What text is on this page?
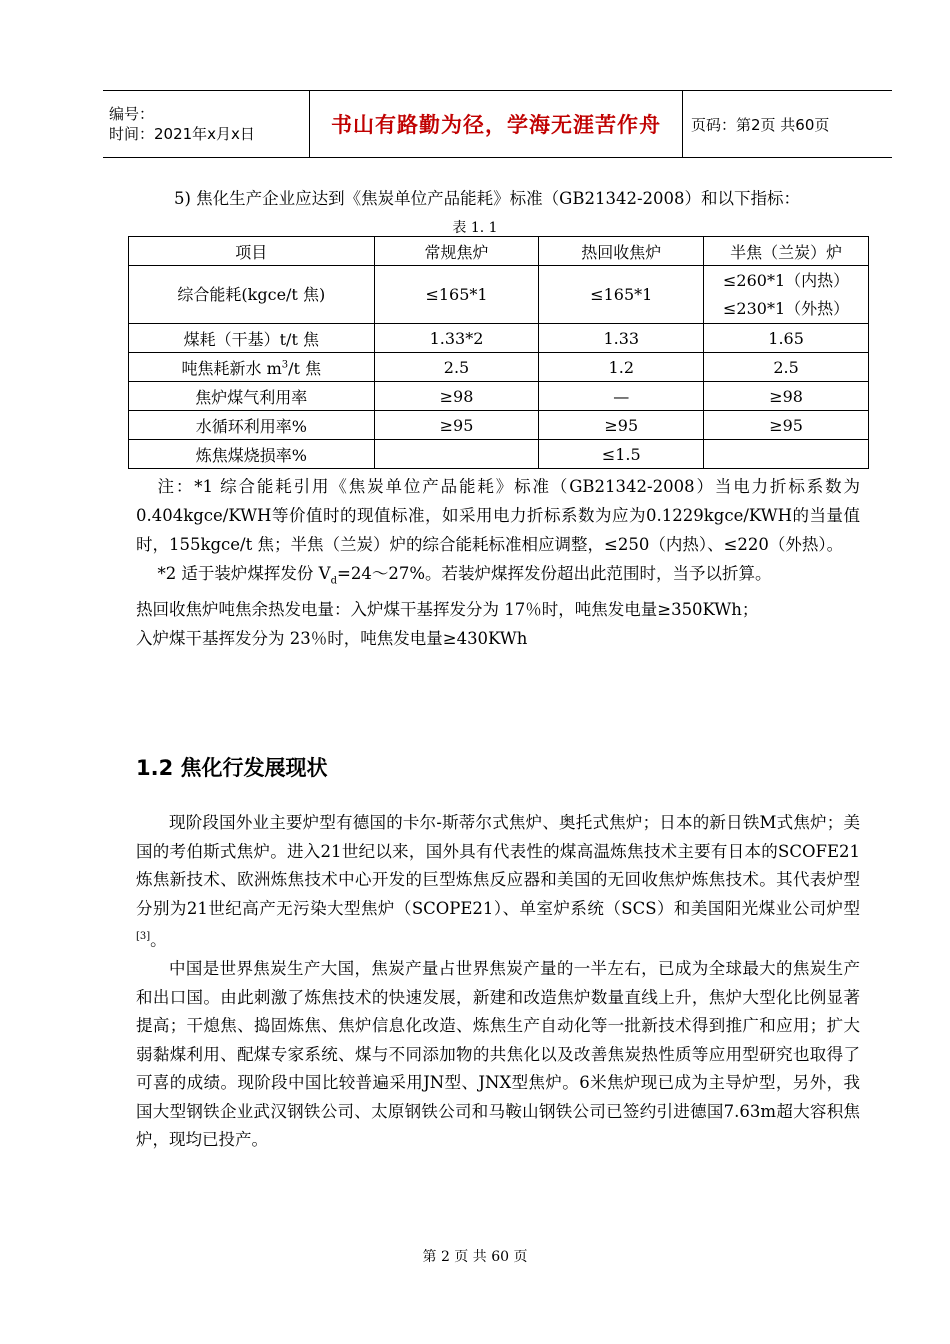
编号：
时间：2021年x月x日	书山有路勤为径，学海无涯苦作舟	页码：第2页 共60页
5) 焦化生产企业应达到《焦炭单位产品能耗》标准（GB21342-2008）和以下指标：
表 1. 1
项目	常规焦炉	热回收焦炉	半焦（兰炭）炉
综合能耗(kgce/t 焦)	≤165*1	≤165*1	≤260*1（内热）
≤230*1（外热）

煤耗（干基）t/t 焦	1.33*2	1.33	1.65
吨焦耗新水 $m^3/t$ 焦	2.5	1.2	2.5
焦炉煤气利用率	≥98	—	≥98
水循环利用率%	≥95	≥95	≥95
炼焦煤烧损率%		≤1.5	

注：*1 综合能耗引用《焦炭单位产品能耗》标准（GB21342-2008）当电力折标系数为0.404kgce/KWH等价值时的现值标准，如采用电力折标系数为应为0.1229kgce/KWH的当量值时，155kgce/t 焦；半焦（兰炭）炉的综合能耗标准相应调整，≤250（内热）、≤220（外热）。

*2 适于装炉煤挥发份 $V_d=24\sim 27\%$。若装炉煤挥发份超出此范围时，当予以折算。

热回收焦炉吨焦余热发电量：入炉煤干基挥发分为 17％时，吨焦发电量≥350KWh；

入炉煤干基挥发分为 23％时，吨焦发电量≥430KWh

1.2 焦化行发展现状

现阶段国外业主要炉型有德国的卡尔-斯蒂尔式焦炉、奥托式焦炉；日本的新日铁M式焦炉；美国的考伯斯式焦炉。进入21世纪以来，国外具有代表性的煤高温炼焦技术主要有日本的SCOFE21炼焦新技术、欧洲炼焦技术中心开发的巨型炼焦反应器和美国的无回收焦炉炼焦技术。其代表炉型分别为21世纪高产无污染大型焦炉（SCOPE21）、单室炉系统（SCS）和美国阳光煤业公司炉型[3]。

中国是世界焦炭生产大国，焦炭产量占世界焦炭产量的一半左右，已成为全球最大的焦炭生产和出口国。由此刺激了炼焦技术的快速发展，新建和改造焦炉数量直线上升，焦炉大型化比例显著提高；干熄焦、捣固炼焦、焦炉信息化改造、炼焦生产自动化等一批新技术得到推广和应用；扩大弱黏煤利用、配煤专家系统、煤与不同添加物的共焦化以及改善焦炭热性质等应用型研究也取得了可喜的成绩。现阶段中国比较普遍采用JN型、JNX型焦炉。6米焦炉现已成为主导炉型，另外，我国大型钢铁企业武汉钢铁公司、太原钢铁公司和马鞍山钢铁公司已签约引进德国7.63m超大容积焦炉，现均已投产。

第 2 页 共 60 页
